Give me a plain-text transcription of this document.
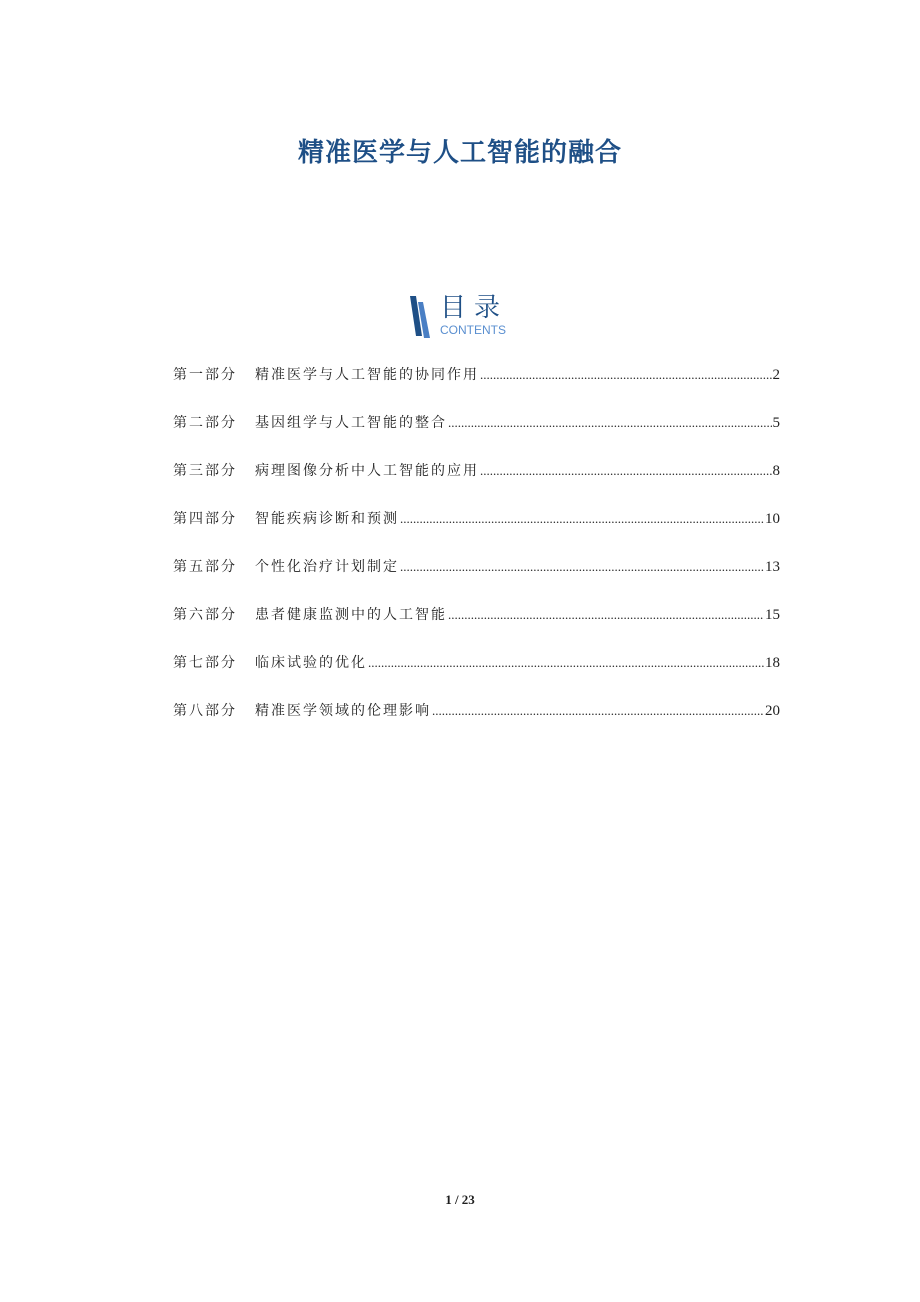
精准医学与人工智能的融合
目录
CONTENTS
第一部分	精准医学与人工智能的协同作用 .....	2
第二部分	基因组学与人工智能的整合 .....	5
第三部分	病理图像分析中人工智能的应用 .....	8
第四部分	智能疾病诊断和预测 .....	10
第五部分	个性化治疗计划制定 .....	13
第六部分	患者健康监测中的人工智能 .....	15
第七部分	临床试验的优化 .....	18
第八部分	精准医学领域的伦理影响 .....	20
1 / 23
